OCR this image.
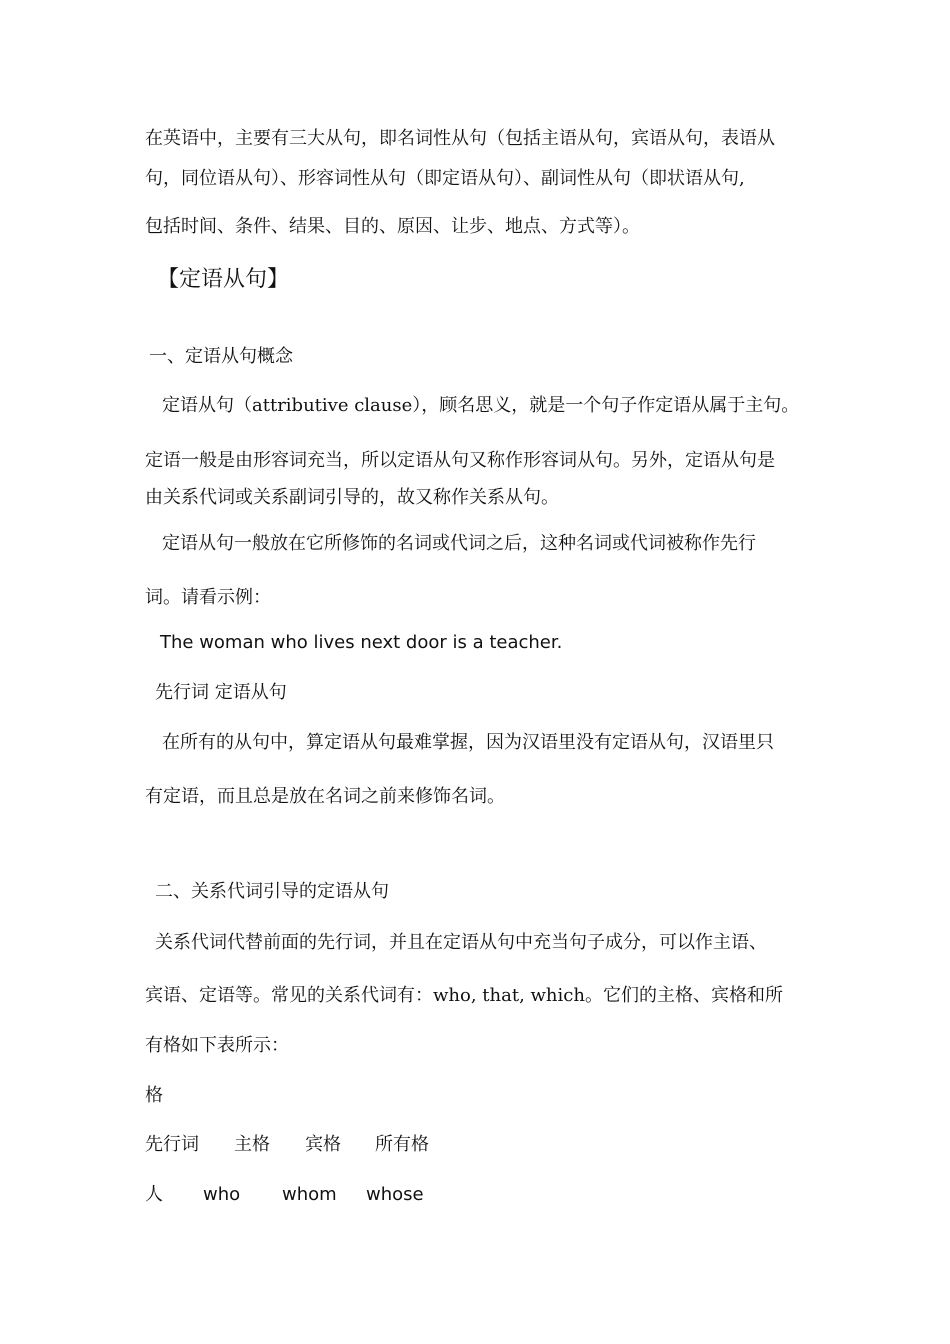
在英语中，主要有三大从句，即名词性从句（包括主语从句，宾语从句，表语从
句，同位语从句）、形容词性从句（即定语从句）、副词性从句（即状语从句,
包括时间、条件、结果、目的、原因、让步、地点、方式等）。
【定语从句】
一、定语从句概念
定语从句（attributive clause），顾名思义，就是一个句子作定语从属于主句。
定语一般是由形容词充当，所以定语从句又称作形容词从句。另外，定语从句是
由关系代词或关系副词引导的，故又称作关系从句。
定语从句一般放在它所修饰的名词或代词之后，这种名词或代词被称作先行
词。请看示例：
The woman who lives next door is a teacher.
先行词 定语从句
在所有的从句中，算定语从句最难掌握，因为汉语里没有定语从句，汉语里只
有定语，而且总是放在名词之前来修饰名词。
二、关系代词引导的定语从句
关系代词代替前面的先行词，并且在定语从句中充当句子成分，可以作主语、
宾语、定语等。常见的关系代词有：who, that, which。它们的主格、宾格和所
有格如下表所示：
格
先行词 主格 宾格 所有格
人 who whom whose
